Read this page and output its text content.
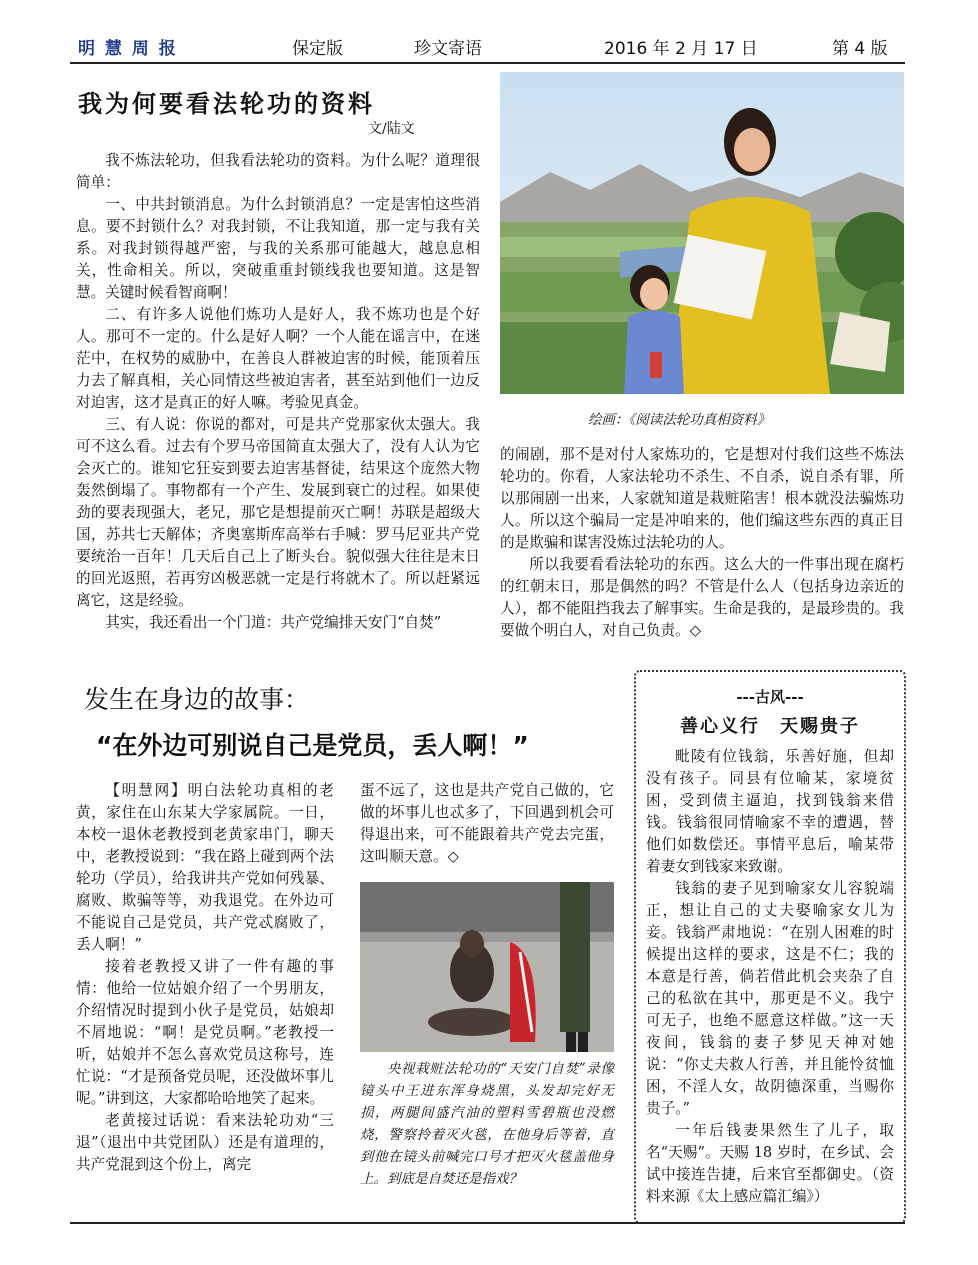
明 慧 周 报	保定版	珍文寄语	2016 年 2 月 17 日	第 4 版
我为何要看法轮功的资料
文/陆文

我不炼法轮功，但我看法轮功的资料。为什么呢？道理很简单：

一、中共封锁消息。为什么封锁消息？一定是害怕这些消息。要不封锁什么？对我封锁，不让我知道，那一定与我有关系。对我封锁得越严密，与我的关系那可能越大，越息息相关，性命相关。所以，突破重重封锁线我也要知道。这是智慧。关键时候看智商啊！

二、有许多人说他们炼功人是好人，我不炼功也是个好人。那可不一定的。什么是好人啊？一个人能在谣言中，在迷茫中，在权势的威胁中，在善良人群被迫害的时候，能顶着压力去了解真相，关心同情这些被迫害者，甚至站到他们一边反对迫害，这才是真正的好人嘛。考验见真金。

三、有人说：你说的都对，可是共产党那家伙太强大。我可不这么看。过去有个罗马帝国简直太强大了，没有人认为它会灭亡的。谁知它狂妄到要去迫害基督徒，结果这个庞然大物轰然倒塌了。事物都有一个产生、发展到衰亡的过程。如果使劲的要表现强大，老兄，那它是想提前灭亡啊！苏联是超级大国，苏共七天解体；齐奥塞斯库高举右手喊：罗马尼亚共产党要统治一百年！几天后自己上了断头台。貌似强大往往是末日的回光返照，若再穷凶极恶就一定是行将就木了。所以赶紧远离它，这是经验。

其实，我还看出一个门道：共产党编排天安门“自焚”

绘画：《阅读法轮功真相资料》

的闹剧，那不是对付人家炼功的，它是想对付我们这些不炼法轮功的。你看，人家法轮功不杀生、不自杀，说自杀有罪，所以那闹剧一出来，人家就知道是栽赃陷害！根本就没法骗炼功人。所以这个骗局一定是冲咱来的，他们编这些东西的真正目的是欺骗和谋害没炼过法轮功的人。

所以我要看看法轮功的东西。这么大的一件事出现在腐朽的红朝末日，那是偶然的吗？不管是什么人（包括身边亲近的人），都不能阻挡我去了解事实。生命是我的，是最珍贵的。我要做个明白人，对自己负责。◇

发生在身边的故事：
“在外边可别说自己是党员，丢人啊！”

【明慧网】明白法轮功真相的老黄，家住在山东某大学家属院。一日，本校一退休老教授到老黄家串门，聊天中，老教授说到：“我在路上碰到两个法轮功（学员），给我讲共产党如何残暴、腐败、欺骗等等，劝我退党。在外边可不能说自己是党员，共产党忒腐败了，丢人啊！”

接着老教授又讲了一件有趣的事情：他给一位姑娘介绍了一个男朋友，介绍情况时提到小伙子是党员，姑娘却不屑地说：“啊！是党员啊。”老教授一听，姑娘并不怎么喜欢党员这称号，连忙说：“才是预备党员呢，还没做坏事儿呢。”讲到这，大家都哈哈地笑了起来。

老黄接过话说：看来法轮功劝“三退”（退出中共党团队）还是有道理的，共产党混到这个份上，离完

蛋不远了，这也是共产党自己做的，它做的坏事儿也忒多了，下回遇到机会可得退出来，可不能跟着共产党去完蛋，这叫顺天意。◇

央视栽赃法轮功的“天安门自焚”录像镜头中王进东浑身烧黑，头发却完好无损，两腿间盛汽油的塑料雪碧瓶也没燃烧，警察拎着灭火毯，在他身后等着，直到他在镜头前喊完口号才把灭火毯盖他身上。到底是自焚还是指戏？
---古风---
善心义行　天赐贵子

毗陵有位钱翁，乐善好施，但却没有孩子。同县有位喻某，家境贫困，受到债主逼迫，找到钱翁来借钱。钱翁很同情喻家不幸的遭遇，替他们如数偿还。事情平息后，喻某带着妻女到钱家来致谢。

钱翁的妻子见到喻家女儿容貌端正，想让自己的丈夫娶喻家女儿为妾。钱翁严肃地说：“在别人困难的时候提出这样的要求，这是不仁；我的本意是行善，倘若借此机会夹杂了自己的私欲在其中，那更是不义。我宁可无子，也绝不愿意这样做。”这一天夜间，钱翁的妻子梦见天神对她说：“你丈夫救人行善，并且能怜贫恤困，不淫人女，故阴德深重，当赐你贵子。”

一年后钱妻果然生了儿子，取名“天赐”。天赐 18 岁时，在乡试、会试中接连告捷，后来官至都御史。（资料来源《太上感应篇汇编》）
